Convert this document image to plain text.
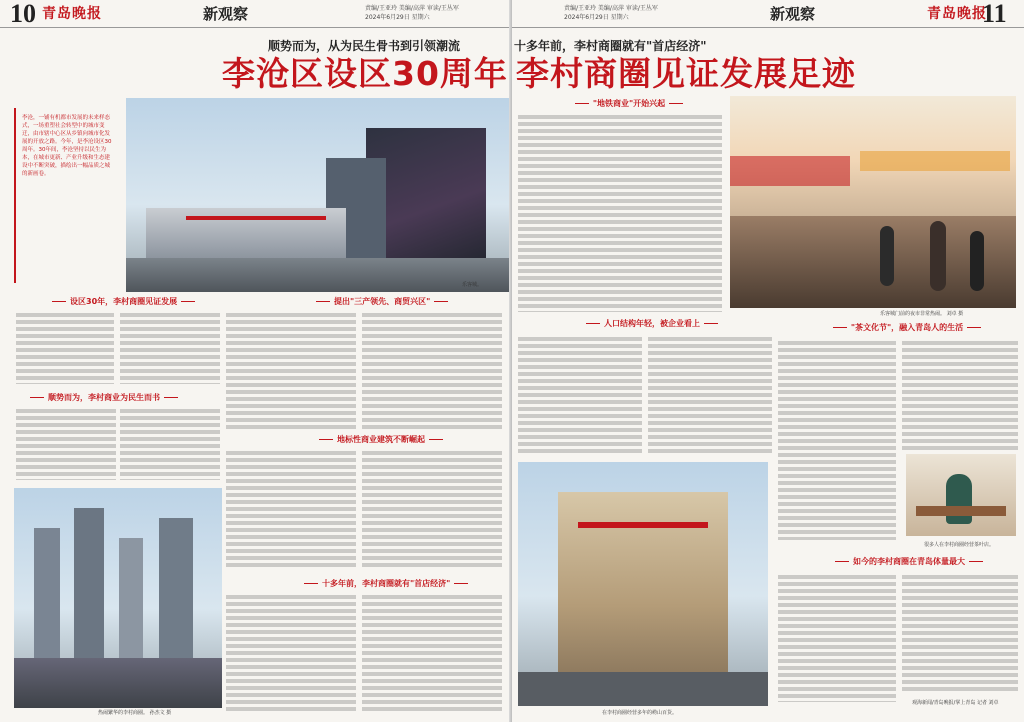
10 青岛晚报	新观察	责编/王亚玲 美编/高萍 审读/王丛军
2024年6月29日 星期六
顺势而为，从为民生骨书到引领潮流
李沧区设区30周年
李沧，一铺有机都市发展的未来样态式，一场重塑社会转型中的城市变迁，由市辖中心区从乡镇向城市化发展的开放之路。今年，是李沧设区30周年。30年间，李沧坚持以民生为本，在城市更新、产业升级和生态建设中不断突破，描绘出一幅品质之城的新画卷。
乐客城。
设区30年，李村商圈见证发展
顺势而为，李村商业为民生而书
提出"三产领先、商贸兴区"
地标性商业建筑不断崛起
热闹繁华的李村商圈。 孙杰文 摄
十多年前，李村商圈就有"首店经济"
责编/王亚玲 美编/高萍 审读/王丛军
2024年6月29日 星期六	新观察	青岛晚报
11
十多年前，李村商圈就有"首店经济"
李村商圈见证发展足迹
"地铁商业"开始兴起
乐客城门前的夜市非常热闹。 刘卓 摄
人口结构年轻，被企业看上	"茶文化节"，融入青岛人的生活
很多人在李村商圈经营茶叶店。
在李村商圈经营多年的崂山百货。
如今的李村商圈在青岛体量最大
观海新闻/青岛晚报/掌上青岛 记者 刘卓
